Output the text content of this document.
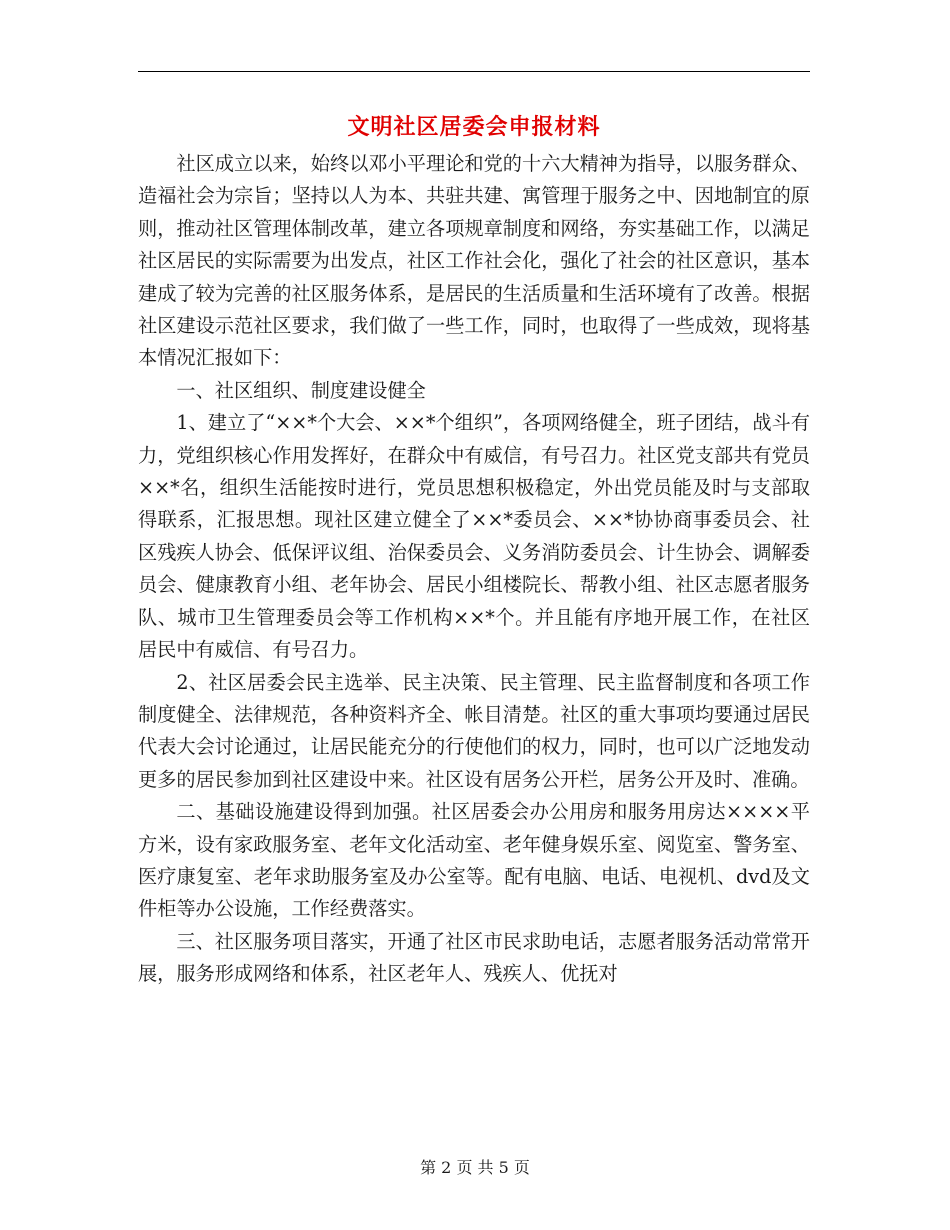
文明社区居委会申报材料

社区成立以来，始终以邓小平理论和党的十六大精神为指导，以服务群众、造福社会为宗旨；坚持以人为本、共驻共建、寓管理于服务之中、因地制宜的原则，推动社区管理体制改革，建立各项规章制度和网络，夯实基础工作，以满足社区居民的实际需要为出发点，社区工作社会化，强化了社会的社区意识，基本建成了较为完善的社区服务体系，是居民的生活质量和生活环境有了改善。根据社区建设示范社区要求，我们做了一些工作，同时，也取得了一些成效，现将基本情况汇报如下：

一、社区组织、制度建设健全

1、建立了“××*个大会、××*个组织”，各项网络健全，班子团结，战斗有力，党组织核心作用发挥好，在群众中有威信，有号召力。社区党支部共有党员××*名，组织生活能按时进行，党员思想积极稳定，外出党员能及时与支部取得联系，汇报思想。现社区建立健全了××*委员会、××*协协商事委员会、社区残疾人协会、低保评议组、治保委员会、义务消防委员会、计生协会、调解委员会、健康教育小组、老年协会、居民小组楼院长、帮教小组、社区志愿者服务队、城市卫生管理委员会等工作机构××*个。并且能有序地开展工作，在社区居民中有威信、有号召力。

2、社区居委会民主选举、民主决策、民主管理、民主监督制度和各项工作制度健全、法律规范，各种资料齐全、帐目清楚。社区的重大事项均要通过居民代表大会讨论通过，让居民能充分的行使他们的权力，同时，也可以广泛地发动更多的居民参加到社区建设中来。社区设有居务公开栏，居务公开及时、准确。

二、基础设施建设得到加强。社区居委会办公用房和服务用房达××××平方米，设有家政服务室、老年文化活动室、老年健身娱乐室、阅览室、警务室、医疗康复室、老年求助服务室及办公室等。配有电脑、电话、电视机、dvd及文件柜等办公设施，工作经费落实。

三、社区服务项目落实，开通了社区市民求助电话，志愿者服务活动常常开展，服务形成网络和体系，社区老年人、残疾人、优抚对

第 2 页 共 5 页
